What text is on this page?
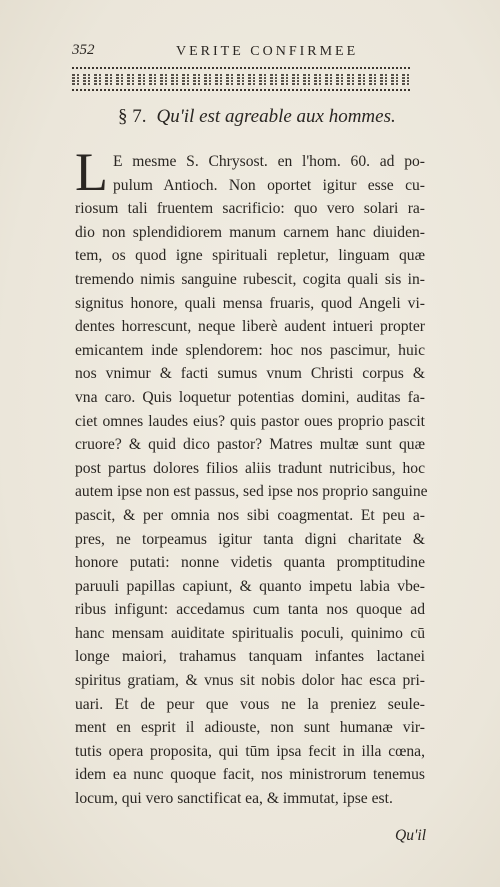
352	VERITE CONFIRMEE
§ 7. Qu'il est agreable aux hommes.
L E mesme S. Chrysost. en l'hom. 60. ad po-
pulum Antioch. Non oportet igitur esse cu-
riosum tali fruentem sacrificio: quo vero solari ra-
dio non splendidiorem manum carnem hanc diuiden-
tem, os quod igne spirituali repletur, linguam quæ
tremendo nimis sanguine rubescit, cogita quali sis in-
signitus honore, quali mensa fruaris, quod Angeli vi-
dentes horrescunt, neque liberè audent intueri propter
emicantem inde splendorem: hoc nos pascimur, huic
nos vnimur & facti sumus vnum Christi corpus &
vna caro. Quis loquetur potentias domini, auditas fa-
ciet omnes laudes eius? quis pastor oues proprio pascit
cruore? & quid dico pastor? Matres multæ sunt quæ
post partus dolores filios aliis tradunt nutricibus, hoc
autem ipse non est passus, sed ipse nos proprio sanguine
pascit, & per omnia nos sibi coagmentat. Et peu a-
pres, ne torpeamus igitur tanta digni charitate &
honore putati: nonne videtis quanta promptitudine
paruuli papillas capiunt, & quanto impetu labia vbe-
ribus infigunt: accedamus cum tanta nos quoque ad
hanc mensam auiditate spiritualis poculi, quinimo cū
longe maiori, trahamus tanquam infantes lactanei
spiritus gratiam, & vnus sit nobis dolor hac esca pri-
uari. Et de peur que vous ne la preniez seule-
ment en esprit il adiouste, non sunt humanæ vir-
tutis opera proposita, qui tūm ipsa fecit in illa cœna,
idem ea nunc quoque facit, nos ministrorum tenemus
locum, qui vero sanctificat ea, & immutat, ipse est.
Qu'il
